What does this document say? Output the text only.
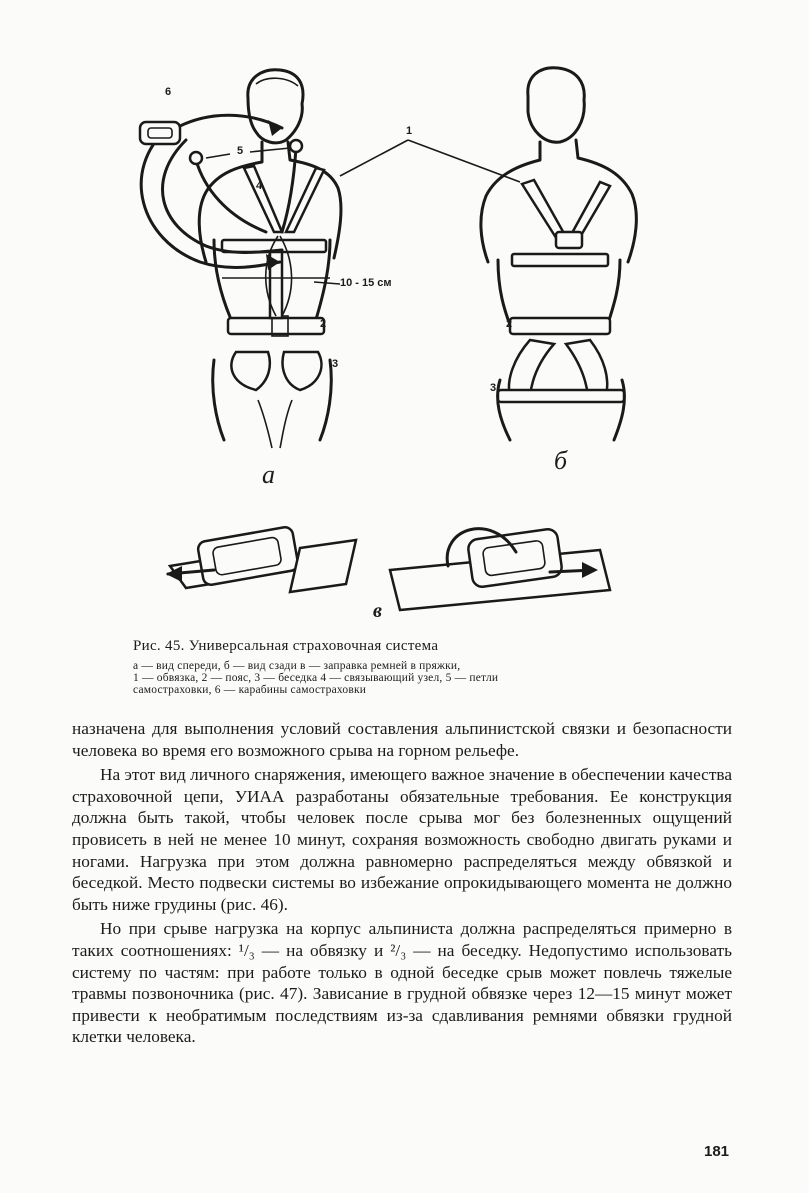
6
5
4
1
10 - 15 см
2
3
2
3
а	б
в
Рис. 45. Универсальная страховочная система

а — вид спереди, б — вид сзади в — заправка ремней в пряжки,

1 — обвязка, 2 — пояс, 3 — беседка 4 — связывающий узел, 5 — петли

самостраховки, 6 — карабины самостраховки

назначена для выполнения условий составления альпинистской связки и безопасности человека во время его возможного срыва на горном рельефе.

На этот вид личного снаряжения, имеющего важное значение в обеспечении качества страховочной цепи, УИАА разработаны обязательные требования. Ее конструкция должна быть такой, чтобы человек после срыва мог без болезненных ощущений провисеть в ней не менее 10 минут, сохраняя возможность свободно двигать руками и ногами. Нагрузка при этом должна равномерно распределяться между обвязкой и беседкой. Место подвески системы во избежание опрокидывающего момента не должно быть ниже грудины (рис. 46).

Но при срыве нагрузка на корпус альпиниста должна распределяться примерно в таких соотношениях: ¹/₃ — на обвязку и ²/₃ — на беседку. Недопустимо использовать систему по частям: при работе только в одной беседке срыв может повлечь тяжелые травмы позвоночника (рис. 47). Зависание в грудной обвязке через 12—15 минут может привести к необратимым последствиям из-за сдавливания ремнями обвязки грудной клетки человека.

181
